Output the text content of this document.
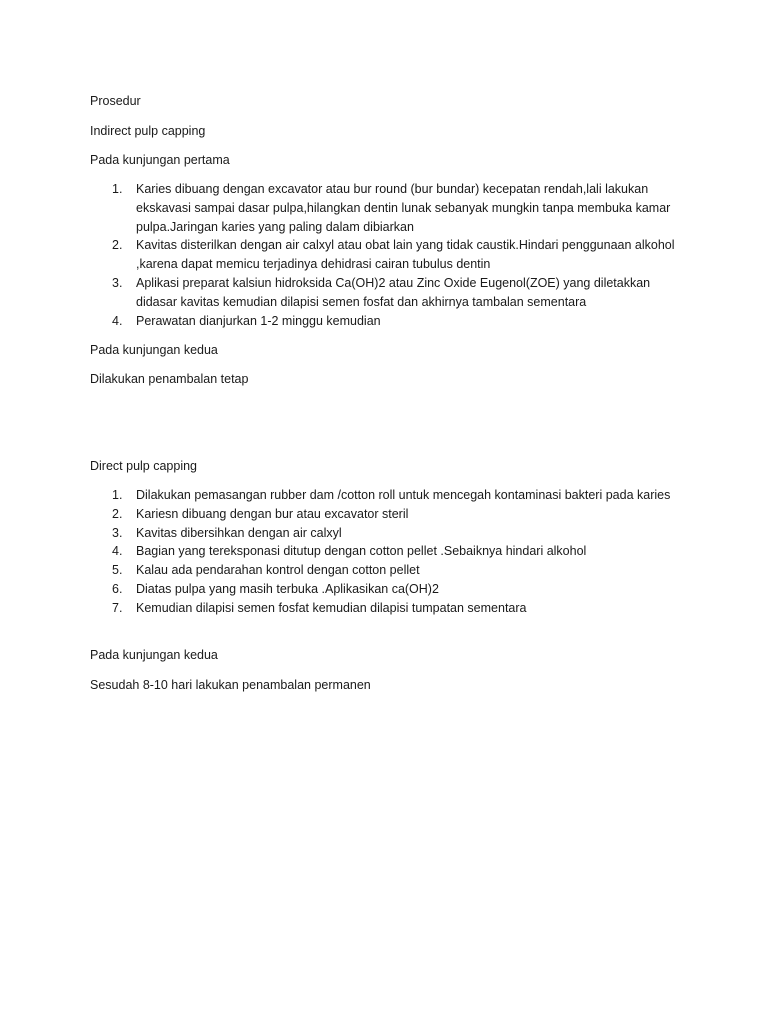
Prosedur

Indirect pulp capping

Pada kunjungan pertama

1. Karies dibuang dengan excavator atau bur round (bur bundar) kecepatan rendah,lali lakukan ekskavasi sampai dasar pulpa,hilangkan dentin lunak sebanyak mungkin tanpa membuka kamar pulpa.Jaringan karies yang paling dalam dibiarkan
2. Kavitas disterilkan dengan air calxyl atau obat lain yang tidak caustik.Hindari penggunaan alkohol ,karena dapat memicu terjadinya dehidrasi cairan tubulus dentin
3. Aplikasi preparat kalsiun hidroksida Ca(OH)2 atau Zinc Oxide Eugenol(ZOE) yang diletakkan didasar kavitas kemudian dilapisi semen fosfat dan akhirnya tambalan sementara
4. Perawatan dianjurkan 1-2 minggu kemudian

Pada kunjungan kedua

Dilakukan penambalan tetap

Direct pulp capping

1. Dilakukan pemasangan rubber dam /cotton roll untuk mencegah kontaminasi bakteri pada karies
2. Kariesn dibuang dengan bur atau excavator steril
3. Kavitas dibersihkan dengan air calxyl
4. Bagian yang tereksponasi ditutup dengan cotton pellet .Sebaiknya hindari alkohol
5. Kalau ada pendarahan kontrol dengan cotton pellet
6. Diatas pulpa yang masih terbuka .Aplikasikan ca(OH)2
7. Kemudian dilapisi semen fosfat kemudian dilapisi tumpatan sementara

Pada kunjungan kedua

Sesudah 8-10 hari lakukan penambalan permanen
